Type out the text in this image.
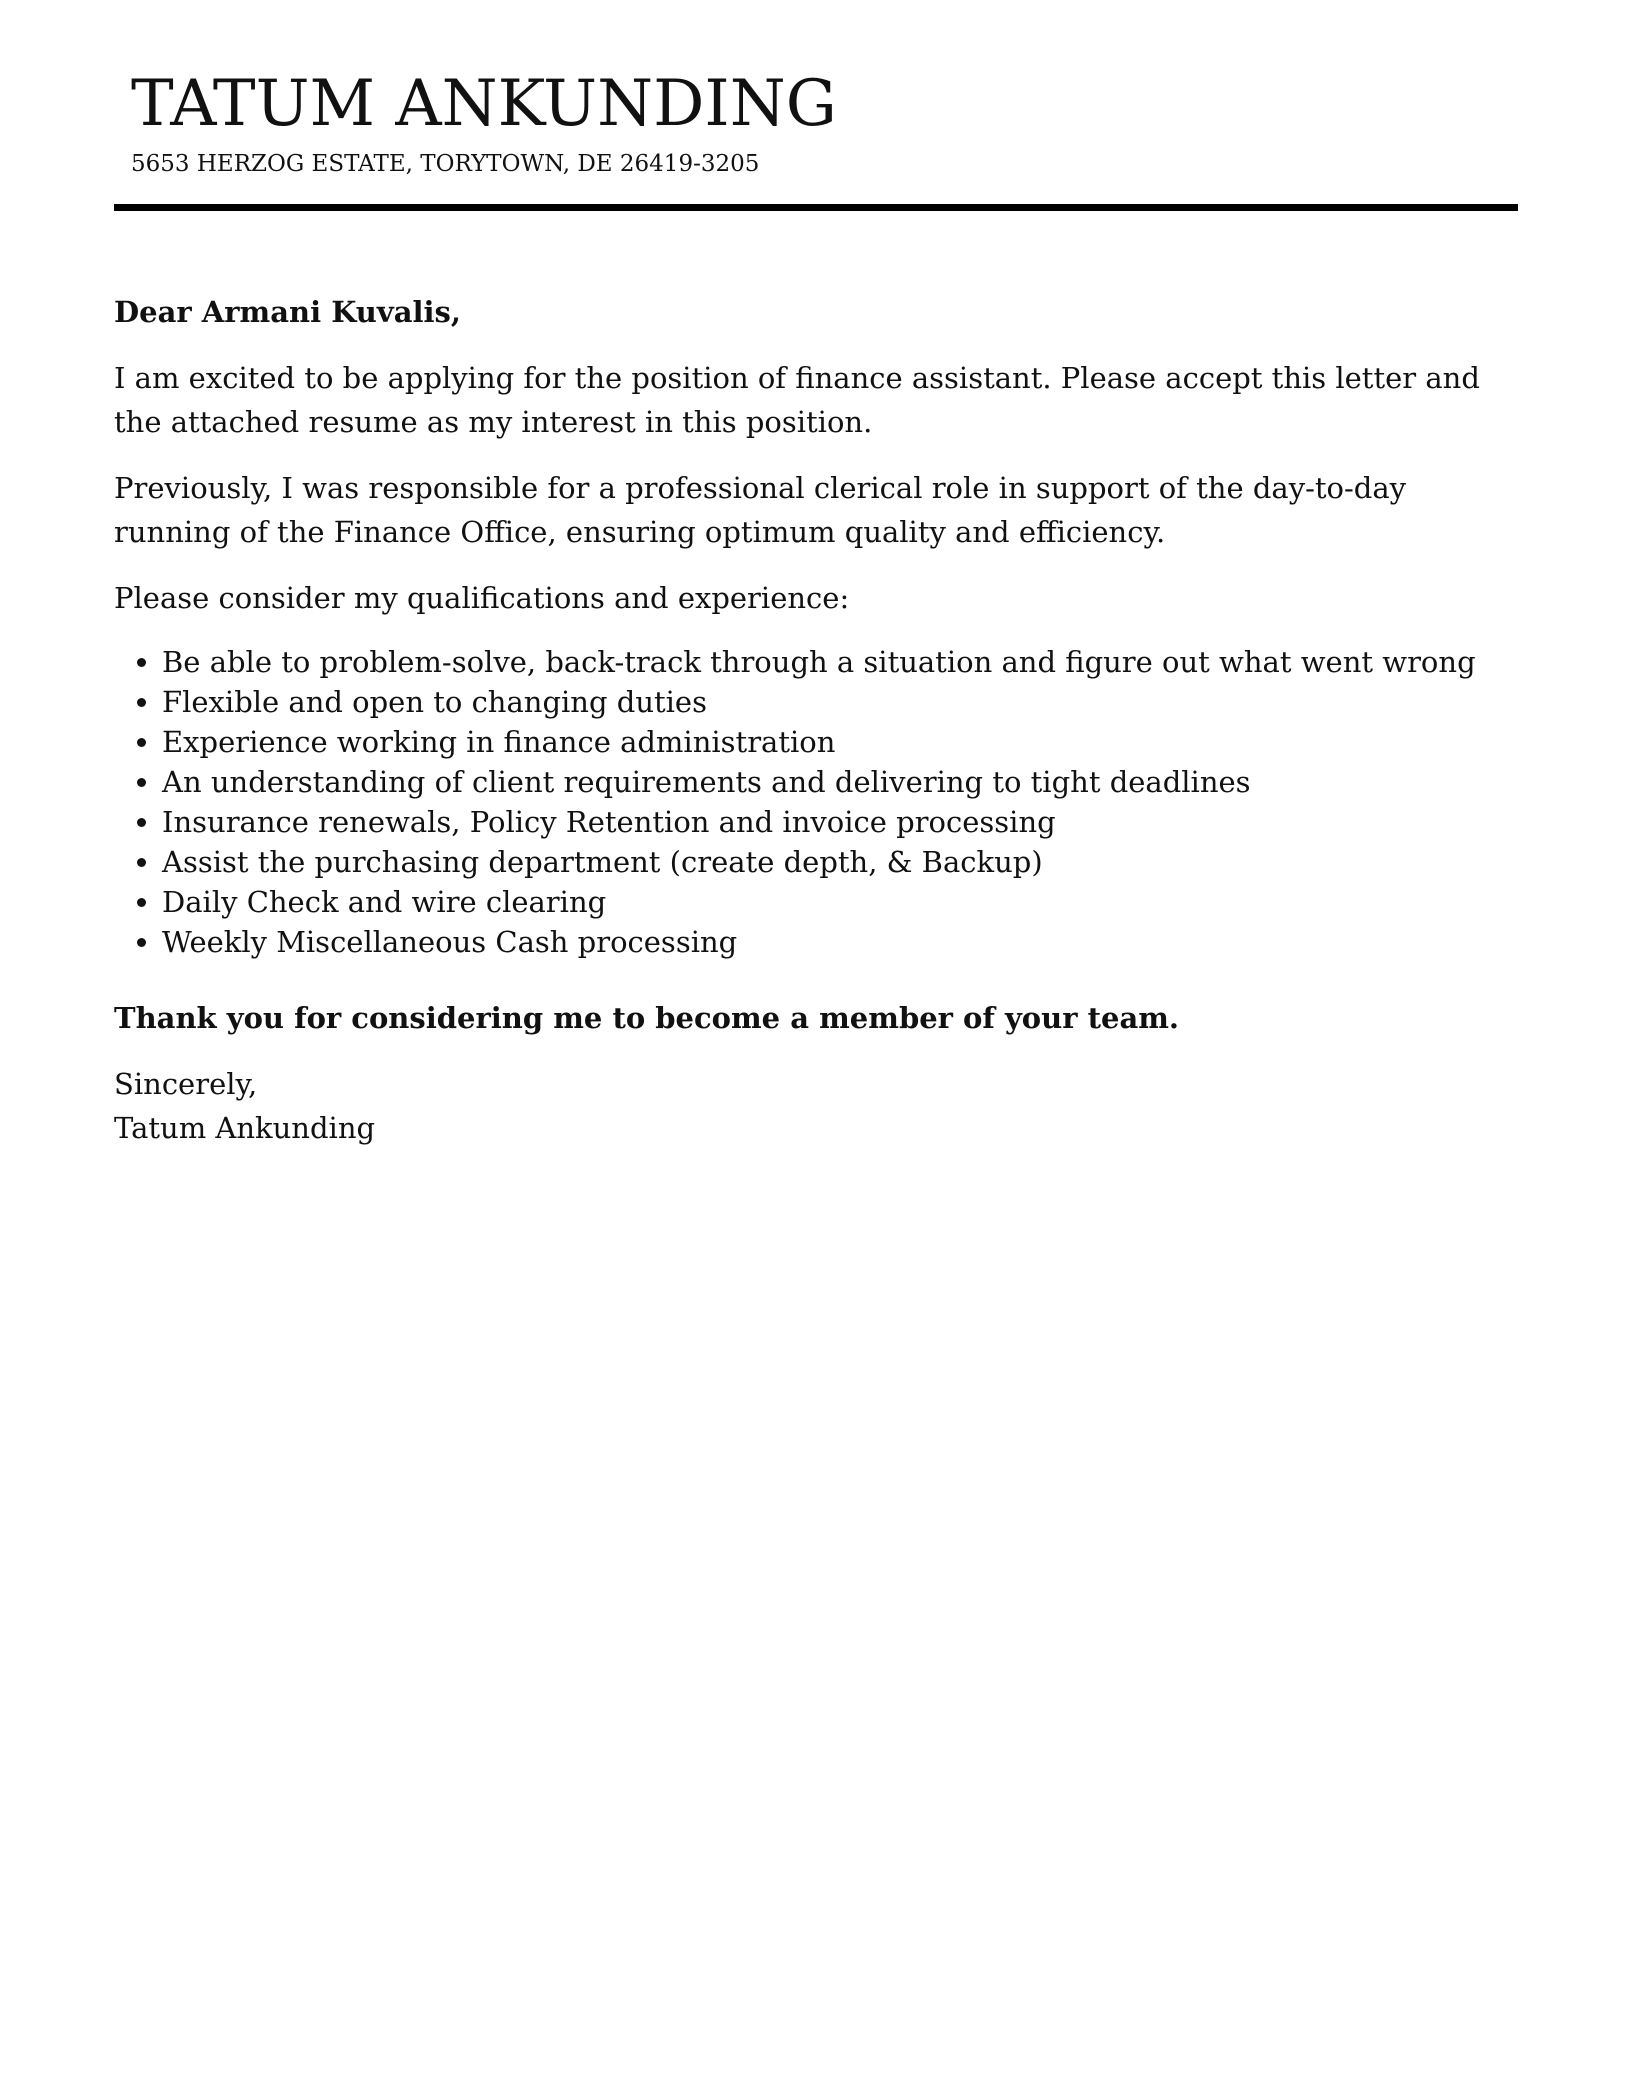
TATUM ANKUNDING

5653 HERZOG ESTATE, TORYTOWN, DE 26419-3205

Dear Armani Kuvalis,

I am excited to be applying for the position of finance assistant. Please accept this letter and the attached resume as my interest in this position.

Previously, I was responsible for a professional clerical role in support of the day-to-day running of the Finance Office, ensuring optimum quality and efficiency.

Please consider my qualifications and experience:

• Be able to problem-solve, back-track through a situation and figure out what went wrong
• Flexible and open to changing duties
• Experience working in finance administration
• An understanding of client requirements and delivering to tight deadlines
• Insurance renewals, Policy Retention and invoice processing
• Assist the purchasing department (create depth, & Backup)
• Daily Check and wire clearing
• Weekly Miscellaneous Cash processing

Thank you for considering me to become a member of your team.

Sincerely,

Tatum Ankunding
